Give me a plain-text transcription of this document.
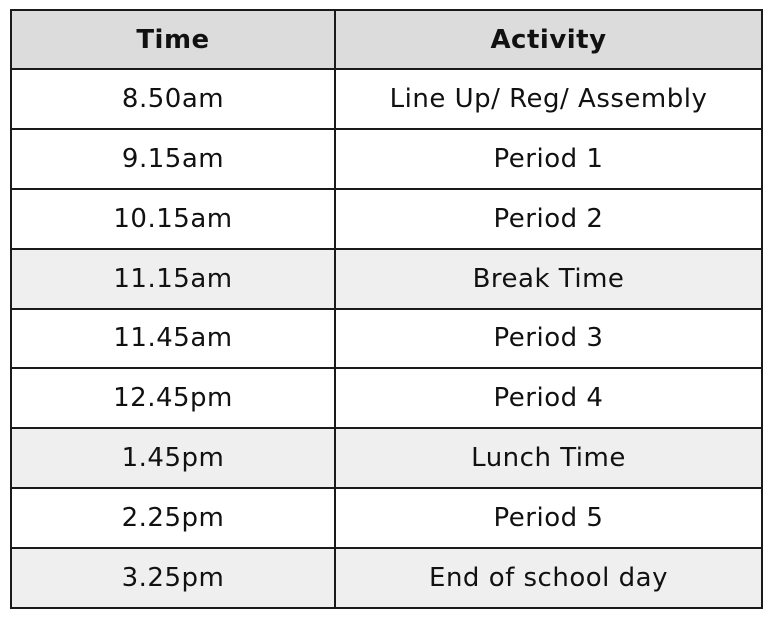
Time	Activity
8.50am	Line Up/ Reg/ Assembly
9.15am	Period 1
10.15am	Period 2
11.15am	Break Time
11.45am	Period 3
12.45pm	Period 4
1.45pm	Lunch Time
2.25pm	Period 5
3.25pm	End of school day
